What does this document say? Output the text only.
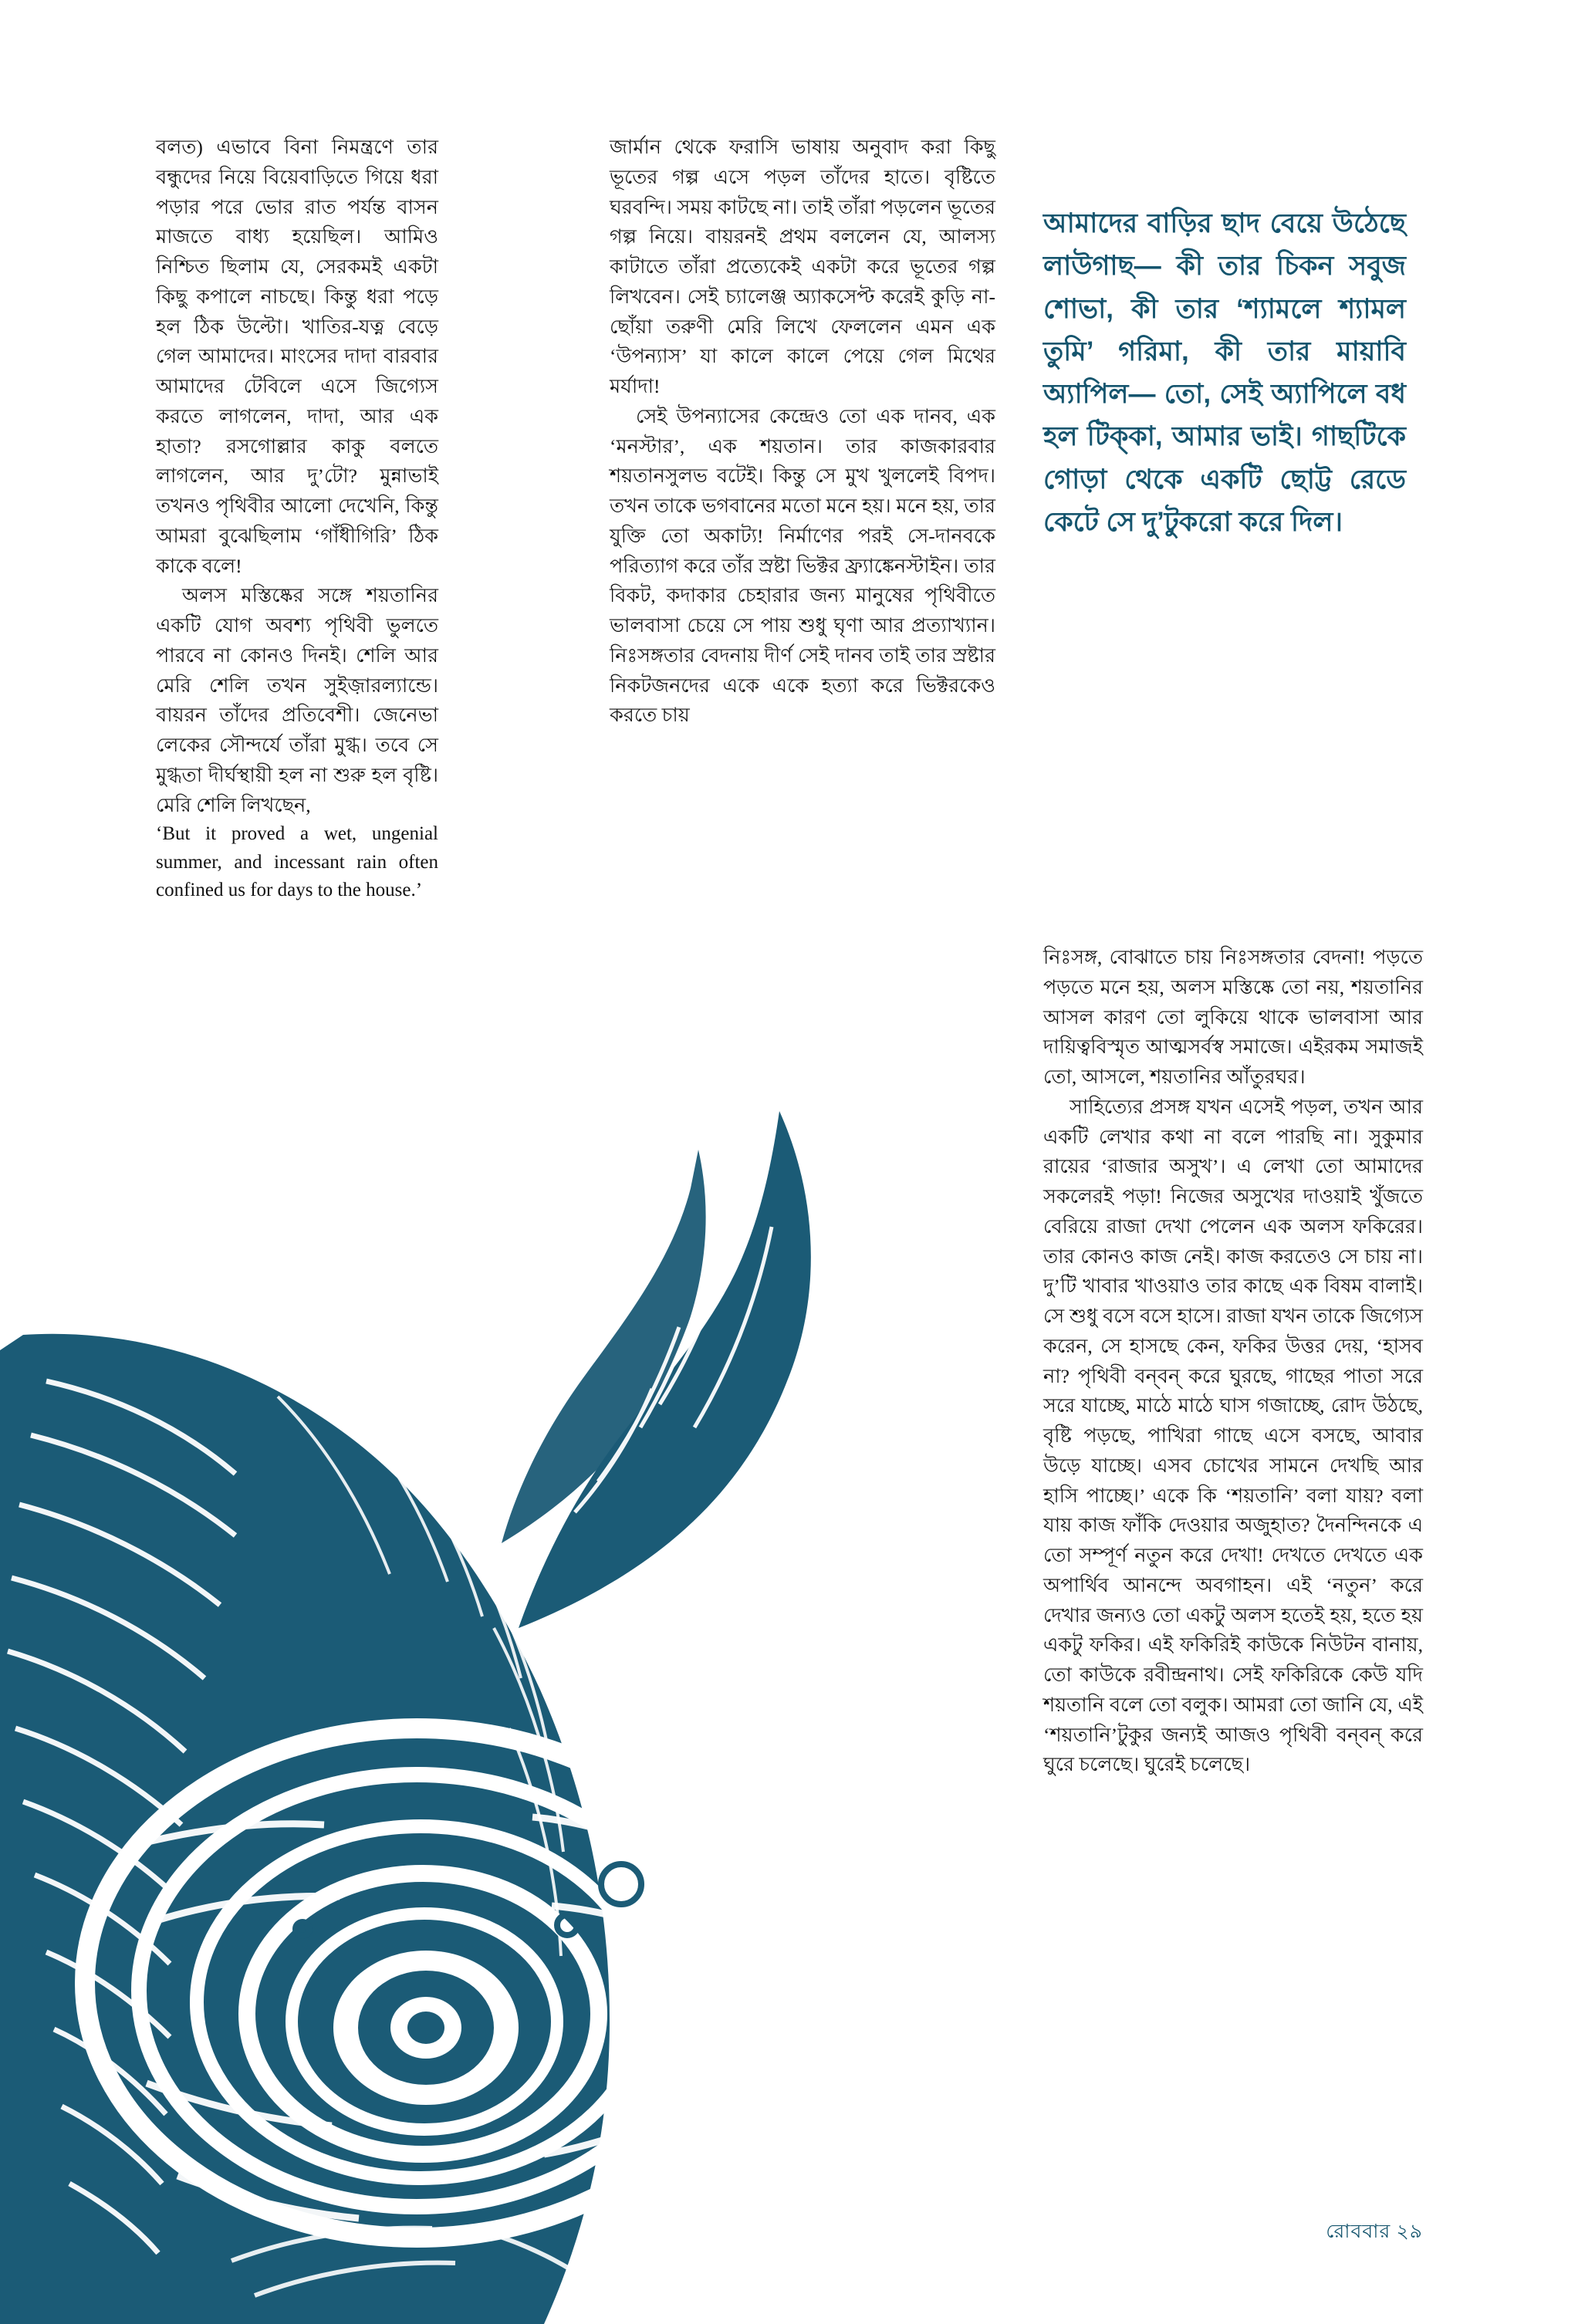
বলত) এভাবে বিনা নিমন্ত্রণে তার বন্ধুদের নিয়ে বিয়েবাড়িতে গিয়ে ধরা পড়ার পরে ভোর রাত পর্যন্ত বাসন মাজতে বাধ্য হয়েছিল। আমিও নিশ্চিত ছিলাম যে, সেরকমই একটা কিছু কপালে নাচছে। কিন্তু ধরা পড়ে হল ঠিক উল্টো। খাতির-যত্ন বেড়ে গেল আমাদের। মাংসের দাদা বারবার আমাদের টেবিলে এসে জিগ্যেস করতে লাগলেন, দাদা, আর এক হাতা? রসগোল্লার কাকু বলতে লাগলেন, আর দু’টো? মুন্নাভাই তখনও পৃথিবীর আলো দেখেনি, কিন্তু আমরা বুঝেছিলাম ‘গাঁধীগিরি’ ঠিক কাকে বলে!

অলস মস্তিষ্কের সঙ্গে শয়তানির একটি যোগ অবশ্য পৃথিবী ভুলতে পারবে না কোনও দিনই। শেলি আর মেরি শেলি তখন সুইজ়ারল্যান্ডে। বায়রন তাঁদের প্রতিবেশী। জেনেভা লেকের সৌন্দর্যে তাঁরা মুগ্ধ। তবে সে মুগ্ধতা দীর্ঘস্থায়ী হল না শুরু হল বৃষ্টি। মেরি শেলি লিখছেন,

‘But it proved a wet, ungenial summer, and incessant rain often confined us for days to the house.’

জার্মান থেকে ফরাসি ভাষায় অনুবাদ করা কিছু ভূতের গল্প এসে পড়ল তাঁদের হাতে। বৃষ্টিতে ঘরবন্দি। সময় কাটছে না। তাই তাঁরা পড়লেন ভূতের গল্প নিয়ে। বায়রনই প্রথম বললেন যে, আলস্য কাটাতে তাঁরা প্রত্যেকেই একটা করে ভূতের গল্প লিখবেন। সেই চ্যালেঞ্জ অ্যাকসেপ্ট করেই কুড়ি না-ছোঁয়া তরুণী মেরি লিখে ফেললেন এমন এক ‘উপন্যাস’ যা কালে কালে পেয়ে গেল মিথের মর্যাদা!

সেই উপন্যাসের কেন্দ্রেও তো এক দানব, এক ‘মনস্টার’, এক শয়তান। তার কাজকারবার শয়তানসুলভ বটেই। কিন্তু সে মুখ খুললেই বিপদ। তখন তাকে ভগবানের মতো মনে হয়। মনে হয়, তার যুক্তি তো অকাট্য! নির্মাণের পরই সে-দানবকে পরিত্যাগ করে তাঁর স্রষ্টা ভিক্টর ফ্র্যাঙ্কেনস্টাইন। তার বিকট, কদাকার চেহারার জন্য মানুষের পৃথিবীতে ভালবাসা চেয়ে সে পায় শুধু ঘৃণা আর প্রত্যাখ্যান। নিঃসঙ্গতার বেদনায় দীর্ণ সেই দানব তাই তার স্রষ্টার নিকটজনদের একে একে হত্যা করে ভিক্টরকেও করতে চায়

আমাদের বাড়ির ছাদ বেয়ে উঠেছে লাউগাছ— কী তার চিকন সবুজ শোভা, কী তার ‘শ্যামলে শ্যামল তুমি’ গরিমা, কী তার মায়াবি অ্যাপিল— তো, সেই অ্যাপিলে বধ হল টিক্‌কা, আমার ভাই। গাছটিকে গোড়া থেকে একটি ছোট্ট রেডে কেটে সে দু’টুকরো করে দিল।

নিঃসঙ্গ, বোঝাতে চায় নিঃসঙ্গতার বেদনা! পড়তে পড়তে মনে হয়, অলস মস্তিষ্কে তো নয়, শয়তানির আসল কারণ তো লুকিয়ে থাকে ভালবাসা আর দায়িত্ববিস্মৃত আত্মসর্বস্ব সমাজে। এইরকম সমাজই তো, আসলে, শয়তানির আঁতুরঘর।

সাহিত্যের প্রসঙ্গ যখন এসেই পড়ল, তখন আর একটি লেখার কথা না বলে পারছি না। সুকুমার রায়ের ‘রাজার অসুখ’। এ লেখা তো আমাদের সকলেরই পড়া! নিজের অসুখের দাওয়াই খুঁজতে বেরিয়ে রাজা দেখা পেলেন এক অলস ফকিরের। তার কোনও কাজ নেই। কাজ করতেও সে চায় না। দু’টি খাবার খাওয়াও তার কাছে এক বিষম বালাই। সে শুধু বসে বসে হাসে। রাজা যখন তাকে জিগ্যেস করেন, সে হাসছে কেন, ফকির উত্তর দেয়, ‘হাসব না? পৃথিবী বন্‌বন্‌ করে ঘুরছে, গাছের পাতা সরে সরে যাচ্ছে, মাঠে মাঠে ঘাস গজাচ্ছে, রোদ উঠছে, বৃষ্টি পড়ছে, পাখিরা গাছে এসে বসছে, আবার উড়ে যাচ্ছে। এসব চোখের সামনে দেখছি আর হাসি পাচ্ছে।’ একে কি ‘শয়তানি’ বলা যায়? বলা যায় কাজ ফাঁকি দেওয়ার অজুহাত? দৈনন্দিনকে এ তো সম্পূর্ণ নতুন করে দেখা! দেখতে দেখতে এক অপার্থিব আনন্দে অবগাহন। এই ‘নতুন’ করে দেখার জন্যও তো একটু অলস হতেই হয়, হতে হয় একটু ফকির। এই ফকিরিই কাউকে নিউটন বানায়, তো কাউকে রবীন্দ্রনাথ। সেই ফকিরিকে কেউ যদি শয়তানি বলে তো বলুক। আমরা তো জানি যে, এই ‘শয়তানি’টুকুর জন্যই আজও পৃথিবী বন্‌বন্‌ করে ঘুরে চলেছে। ঘুরেই চলেছে।

রোববার ২৯
